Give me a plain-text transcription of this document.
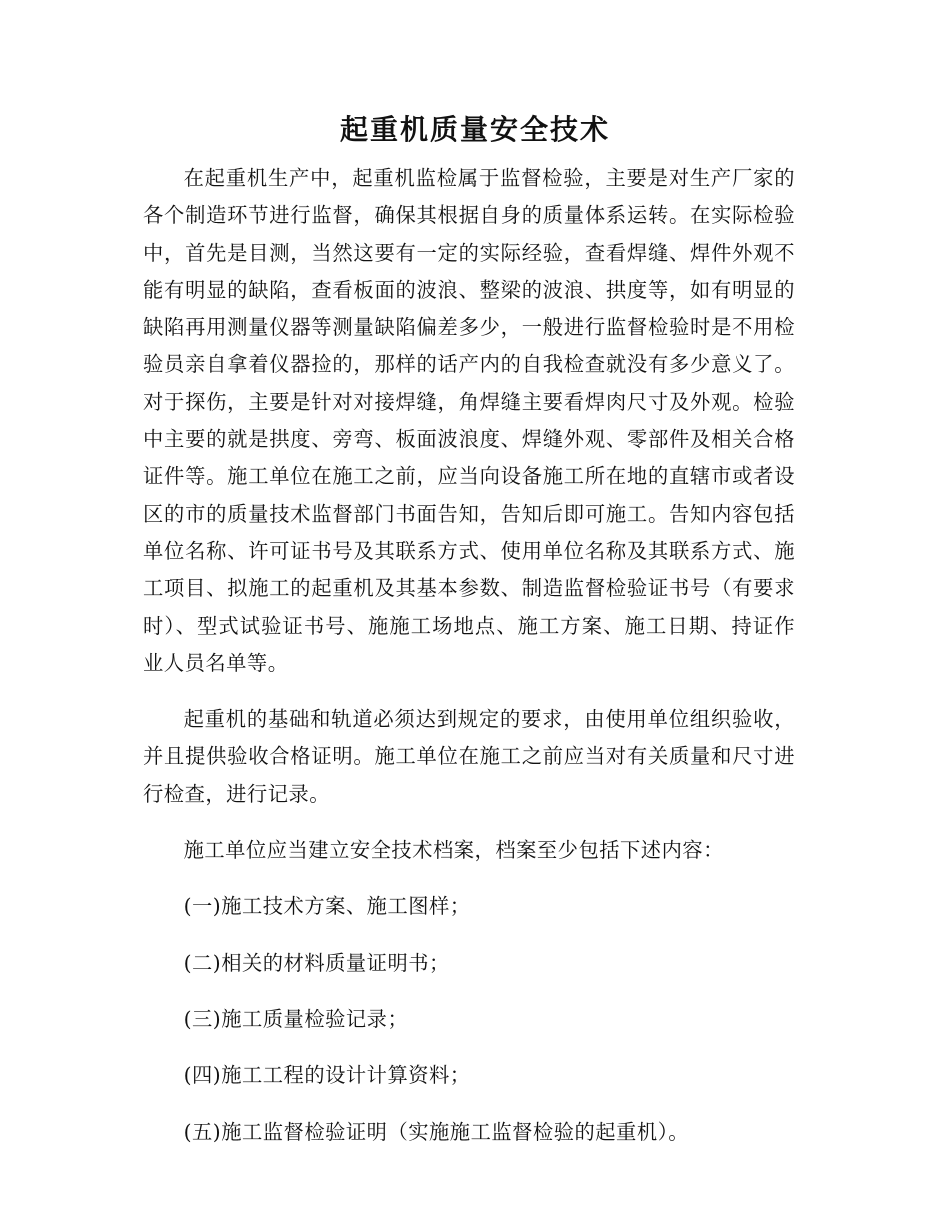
起重机质量安全技术

在起重机生产中，起重机监检属于监督检验，主要是对生产厂家的各个制造环节进行监督，确保其根据自身的质量体系运转。在实际检验中，首先是目测，当然这要有一定的实际经验，查看焊缝、焊件外观不能有明显的缺陷，查看板面的波浪、整梁的波浪、拱度等，如有明显的缺陷再用测量仪器等测量缺陷偏差多少，一般进行监督检验时是不用检验员亲自拿着仪器捡的，那样的话产内的自我检查就没有多少意义了。对于探伤，主要是针对对接焊缝，角焊缝主要看焊肉尺寸及外观。检验中主要的就是拱度、旁弯、板面波浪度、焊缝外观、零部件及相关合格证件等。施工单位在施工之前，应当向设备施工所在地的直辖市或者设区的市的质量技术监督部门书面告知，告知后即可施工。告知内容包括单位名称、许可证书号及其联系方式、使用单位名称及其联系方式、施工项目、拟施工的起重机及其基本参数、制造监督检验证书号（有要求时）、型式试验证书号、施施工场地点、施工方案、施工日期、持证作业人员名单等。

起重机的基础和轨道必须达到规定的要求，由使用单位组织验收，并且提供验收合格证明。施工单位在施工之前应当对有关质量和尺寸进行检查，进行记录。

施工单位应当建立安全技术档案，档案至少包括下述内容：

(一)施工技术方案、施工图样；
(二)相关的材料质量证明书；
(三)施工质量检验记录；
(四)施工工程的设计计算资料；
(五)施工监督检验证明（实施施工监督检验的起重机）。
